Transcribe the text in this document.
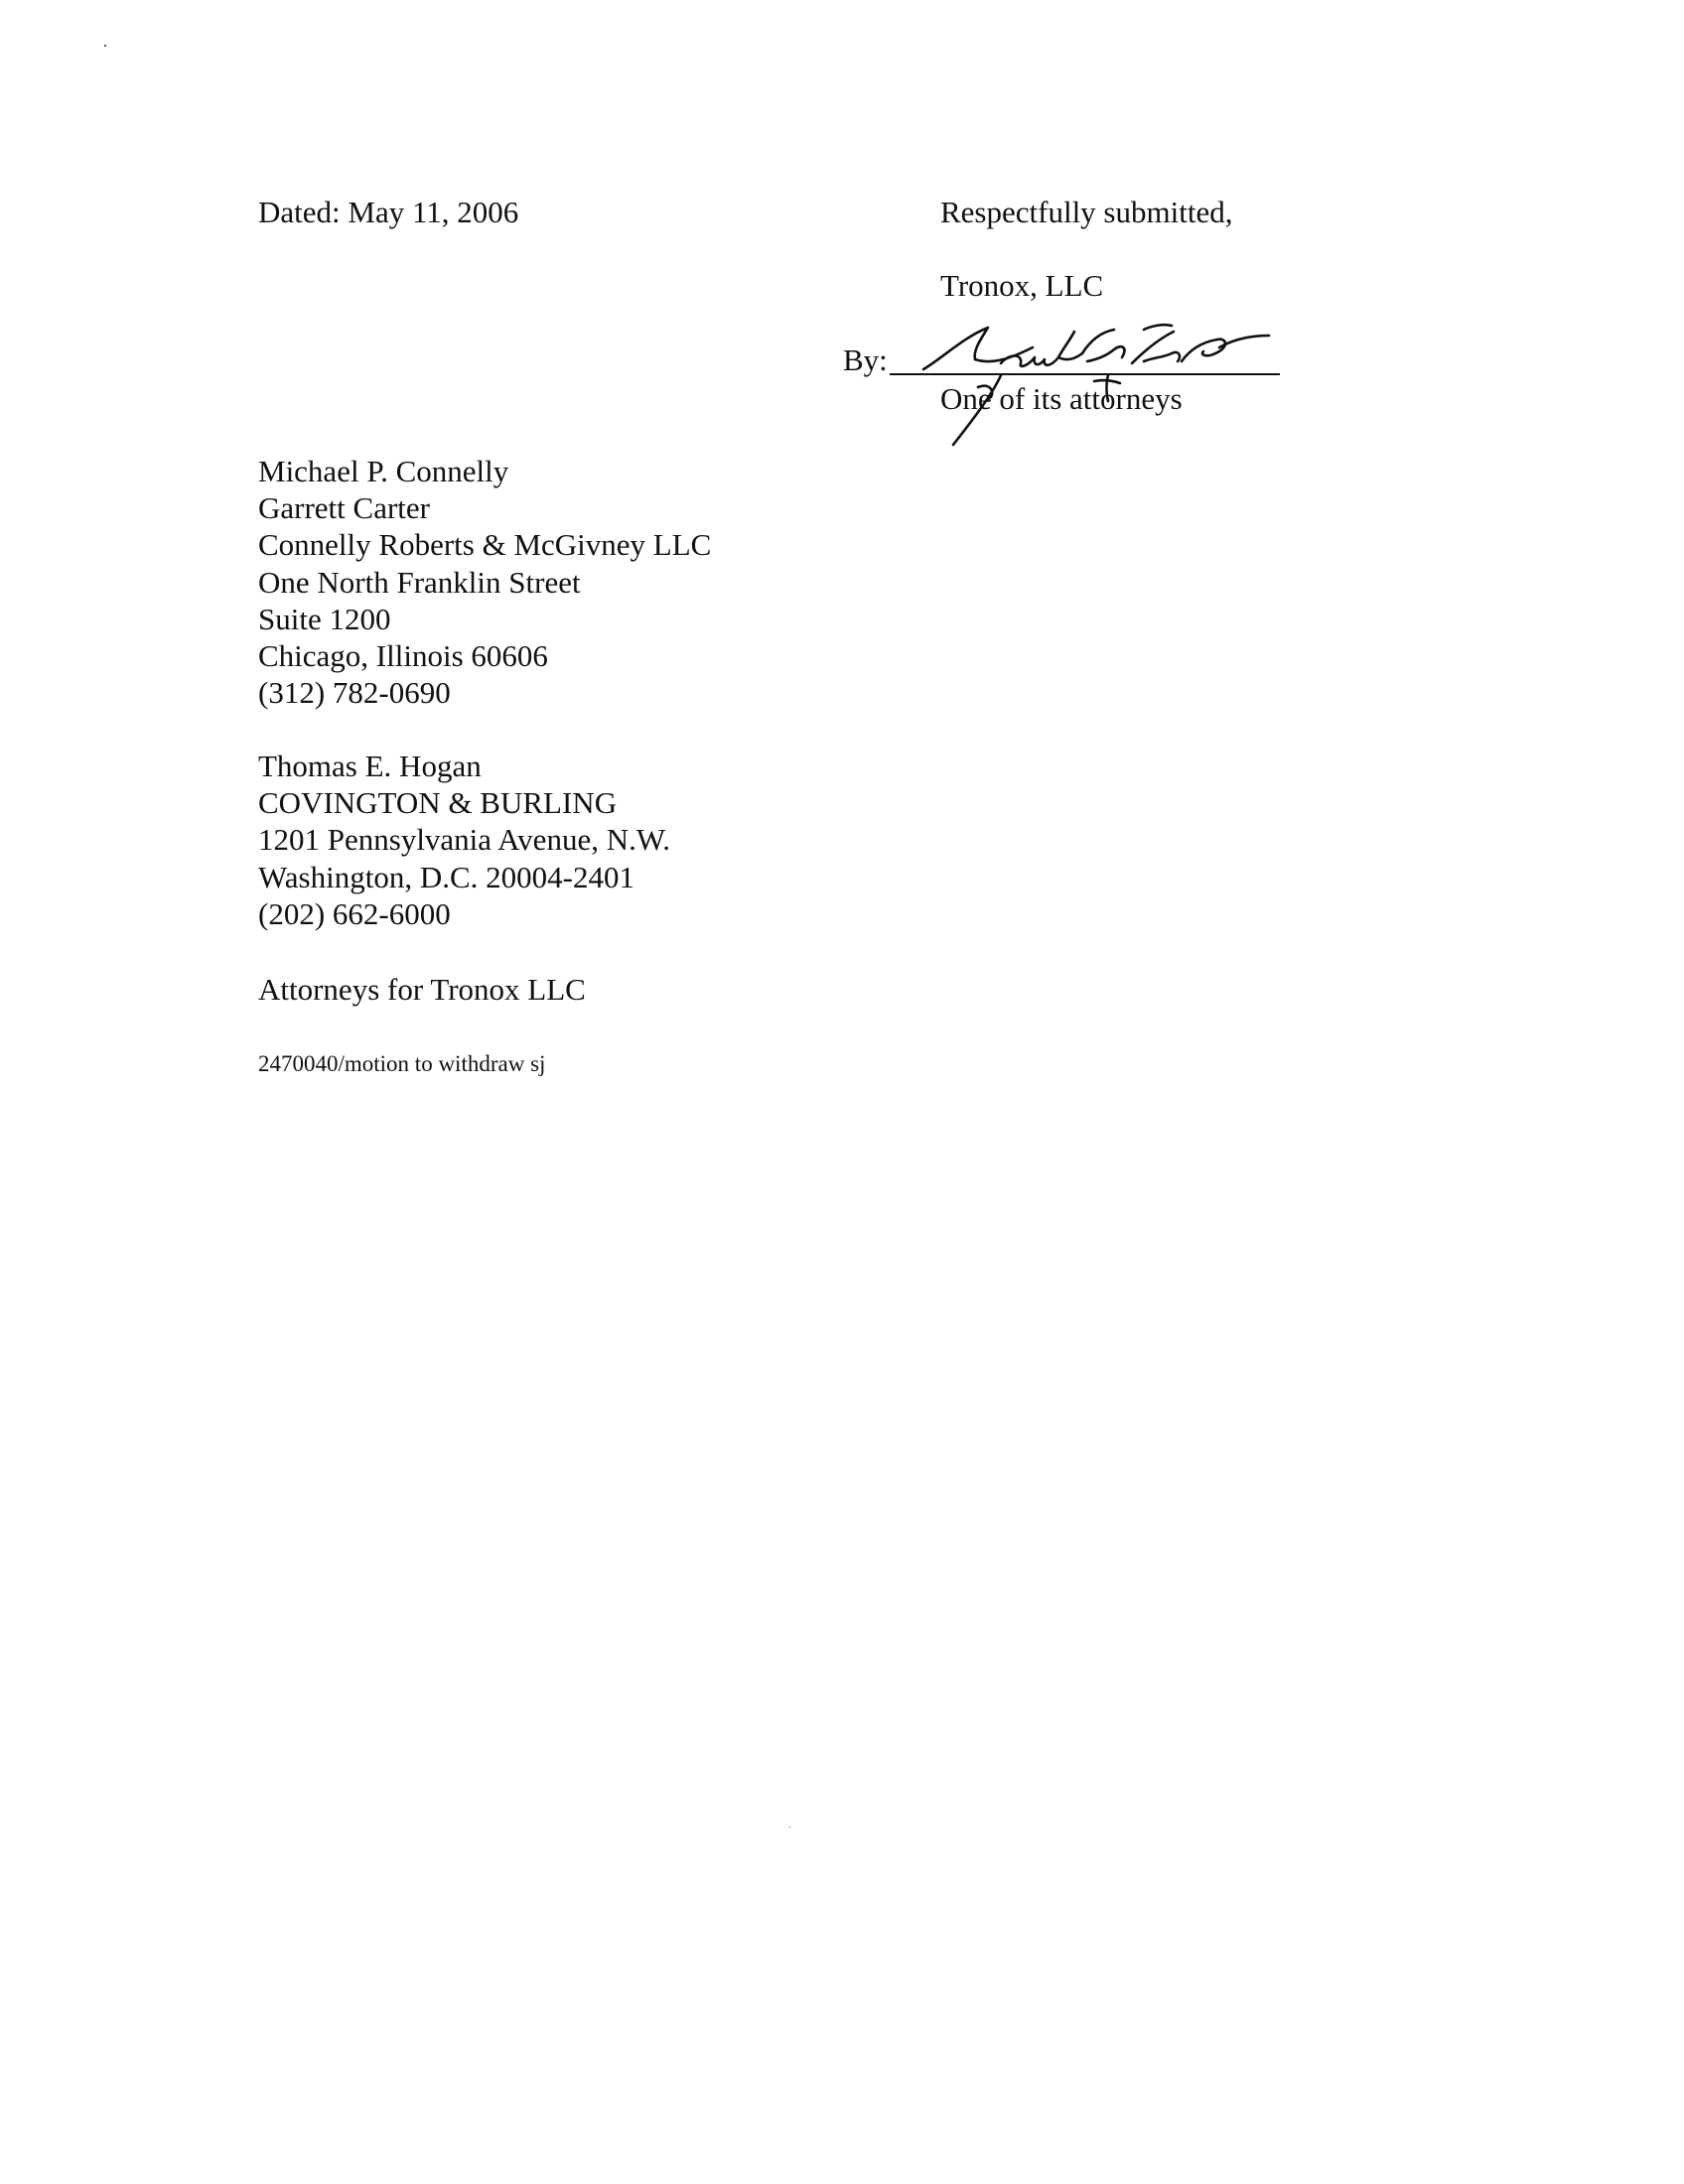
Dated: May 11, 2006	Respectfully submitted,
Tronox, LLC
By:
One of its attorneys
Michael P. Connelly
Garrett Carter
Connelly Roberts & McGivney LLC
One North Franklin Street
Suite 1200
Chicago, Illinois 60606
(312) 782-0690
Thomas E. Hogan
COVINGTON & BURLING
1201 Pennsylvania Avenue, N.W.
Washington, D.C. 20004-2401
(202) 662-6000
Attorneys for Tronox LLC
2470040/motion to withdraw sj
